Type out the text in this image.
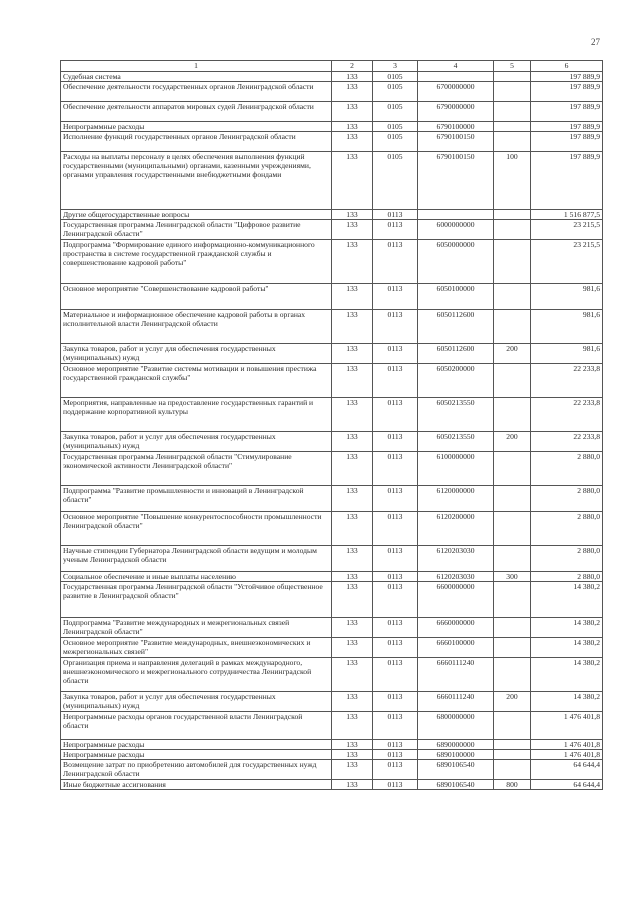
27
1	2	3	4	5	6
Судебная система	133	0105			197 889,9
Обеспечение деятельности государственных органов Ленинградской области	133	0105	6700000000		197 889,9
Обеспечение деятельности аппаратов мировых судей Ленинградской области	133	0105	6790000000		197 889,9
Непрограммные расходы	133	0105	6790100000		197 889,9
Исполнение функций государственных органов Ленинградской области	133	0105	6790100150		197 889,9
Расходы на выплаты персоналу в целях обеспечения выполнения функций государственными (муниципальными) органами, казенными учреждениями, органами управления государственными внебюджетными фондами	133	0105	6790100150	100	197 889,9
Другие общегосударственные вопросы	133	0113			1 516 877,5
Государственная программа Ленинградской области "Цифровое развитие Ленинградской области"	133	0113	6000000000		23 215,5
Подпрограмма "Формирование единого информационно-коммуникационного пространства в системе государственной гражданской службы и совершенствование кадровой работы"	133	0113	6050000000		23 215,5
Основное мероприятие "Совершенствование кадровой работы"	133	0113	6050100000		981,6
Материальное и информационное обеспечение кадровой работы в органах исполнительной власти Ленинградской области	133	0113	6050112600		981,6
Закупка товаров, работ и услуг для обеспечения государственных (муниципальных) нужд	133	0113	6050112600	200	981,6
Основное мероприятие "Развитие системы мотивации и повышения престижа государственной гражданской службы"	133	0113	6050200000		22 233,8
Мероприятия, направленные на предоставление государственных гарантий и поддержание корпоративной культуры	133	0113	6050213550		22 233,8
Закупка товаров, работ и услуг для обеспечения государственных (муниципальных) нужд	133	0113	6050213550	200	22 233,8
Государственная программа Ленинградской области "Стимулирование экономической активности Ленинградской области"	133	0113	6100000000		2 880,0
Подпрограмма "Развитие промышленности и инноваций в Ленинградской области"	133	0113	6120000000		2 880,0
Основное мероприятие "Повышение конкурентоспособности промышленности Ленинградской области"	133	0113	6120200000		2 880,0
Научные стипендии Губернатора Ленинградской области ведущим и молодым ученым Ленинградской области	133	0113	6120203030		2 880,0
Социальное обеспечение и иные выплаты населению	133	0113	6120203030	300	2 880,0
Государственная программа Ленинградской области "Устойчивое общественное развитие в Ленинградской области"	133	0113	6600000000		14 380,2
Подпрограмма "Развитие международных и межрегиональных связей Ленинградской области"	133	0113	6660000000		14 380,2
Основное мероприятие "Развитие международных, внешнеэкономических и межрегиональных связей"	133	0113	6660100000		14 380,2
Организация приема и направления делегаций в рамках международного, внешнеэкономического и межрегионального сотрудничества Ленинградской области	133	0113	6660111240		14 380,2
Закупка товаров, работ и услуг для обеспечения государственных (муниципальных) нужд	133	0113	6660111240	200	14 380,2
Непрограммные расходы органов государственной власти Ленинградской области	133	0113	6800000000		1 476 401,8
Непрограммные расходы	133	0113	6890000000		1 476 401,8
Непрограммные расходы	133	0113	6890100000		1 476 401,8
Возмещение затрат по приобретению автомобилей для государственных нужд Ленинградской области	133	0113	6890106540		64 644,4
Иные бюджетные ассигнования	133	0113	6890106540	800	64 644,4
